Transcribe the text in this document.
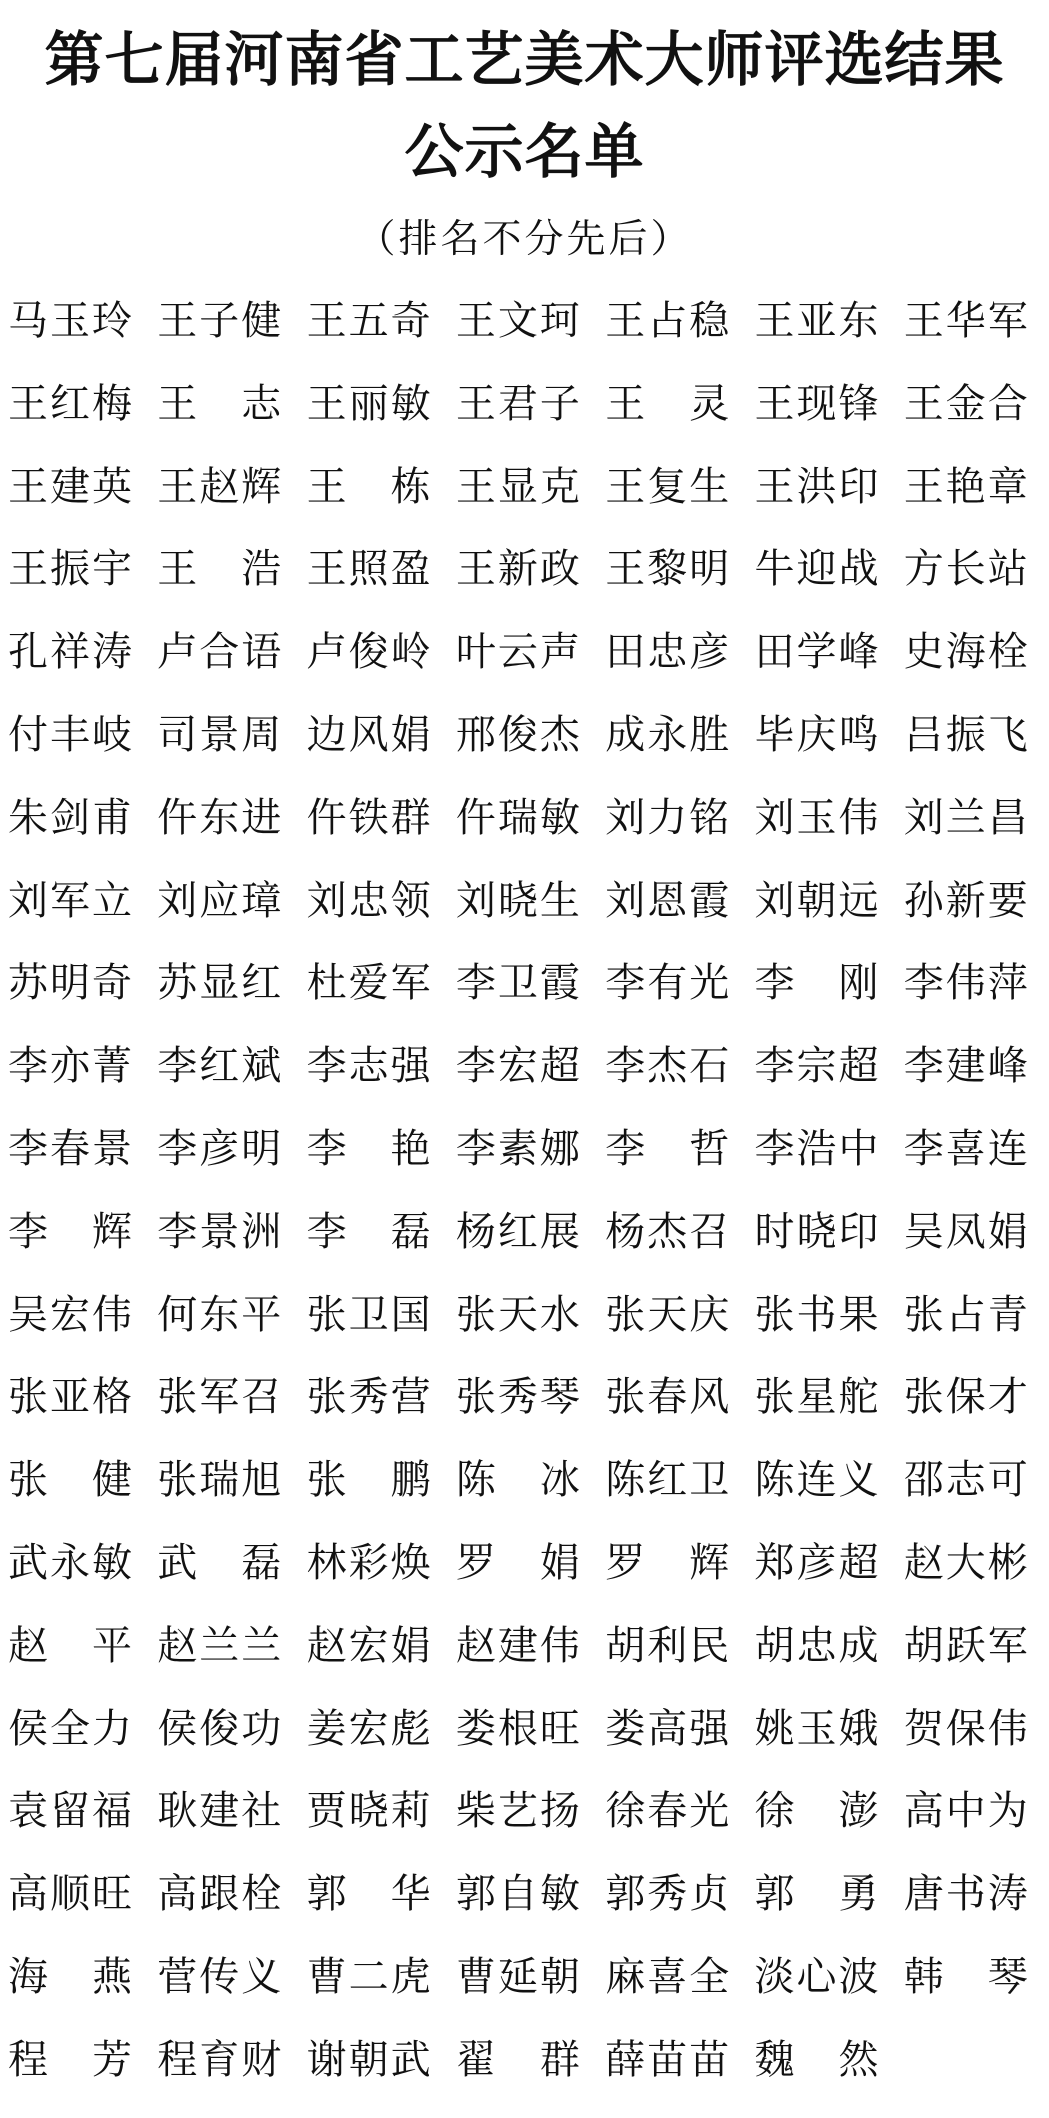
第七届河南省工艺美术大师评选结果
公示名单
（排名不分先后）
马 玉 玲 王 子 健 王 五 奇 王 文 珂 王 占 稳 王 亚 东 王 华 军
王 红 梅 王 志 王 丽 敏 王 君 子 王 灵 王 现 锋 王 金 合
王 建 英 王 赵 辉 王 栋 王 显 克 王 复 生 王 洪 印 王 艳 章
王 振 宇 王 浩 王 照 盈 王 新 政 王 黎 明 牛 迎 战 方 长 站
孔 祥 涛 卢 合 语 卢 俊 岭 叶 云 声 田 忠 彦 田 学 峰 史 海 栓
付 丰 岐 司 景 周 边 风 娟 邢 俊 杰 成 永 胜 毕 庆 鸣 吕 振 飞
朱 剑 甫 仵 东 进 仵 铁 群 仵 瑞 敏 刘 力 铭 刘 玉 伟 刘 兰 昌
刘 军 立 刘 应 璋 刘 忠 领 刘 晓 生 刘 恩 霞 刘 朝 远 孙 新 要
苏 明 奇 苏 显 红 杜 爱 军 李 卫 霞 李 有 光 李 刚 李 伟 萍
李 亦 菁 李 红 斌 李 志 强 李 宏 超 李 杰 石 李 宗 超 李 建 峰
李 春 景 李 彦 明 李 艳 李 素 娜 李 哲 李 浩 中 李 喜 连
李 辉 李 景 洲 李 磊 杨 红 展 杨 杰 召 时 晓 印 吴 凤 娟
吴 宏 伟 何 东 平 张 卫 国 张 天 水 张 天 庆 张 书 果 张 占 青
张 亚 格 张 军 召 张 秀 营 张 秀 琴 张 春 风 张 星 舵 张 保 才
张 健 张 瑞 旭 张 鹏 陈 冰 陈 红 卫 陈 连 义 邵 志 可
武 永 敏 武 磊 林 彩 焕 罗 娟 罗 辉 郑 彦 超 赵 大 彬
赵 平 赵 兰 兰 赵 宏 娟 赵 建 伟 胡 利 民 胡 忠 成 胡 跃 军
侯 全 力 侯 俊 功 姜 宏 彪 娄 根 旺 娄 高 强 姚 玉 娥 贺 保 伟
袁 留 福 耿 建 社 贾 晓 莉 柴 艺 扬 徐 春 光 徐 澎 高 中 为
高 顺 旺 高 跟 栓 郭 华 郭 自 敏 郭 秀 贞 郭 勇 唐 书 涛
海 燕 菅 传 义 曹 二 虎 曹 延 朝 麻 喜 全 淡 心 波 韩 琴
程 芳 程 育 财 谢 朝 武 翟 群 薛 苗 苗 魏 然
